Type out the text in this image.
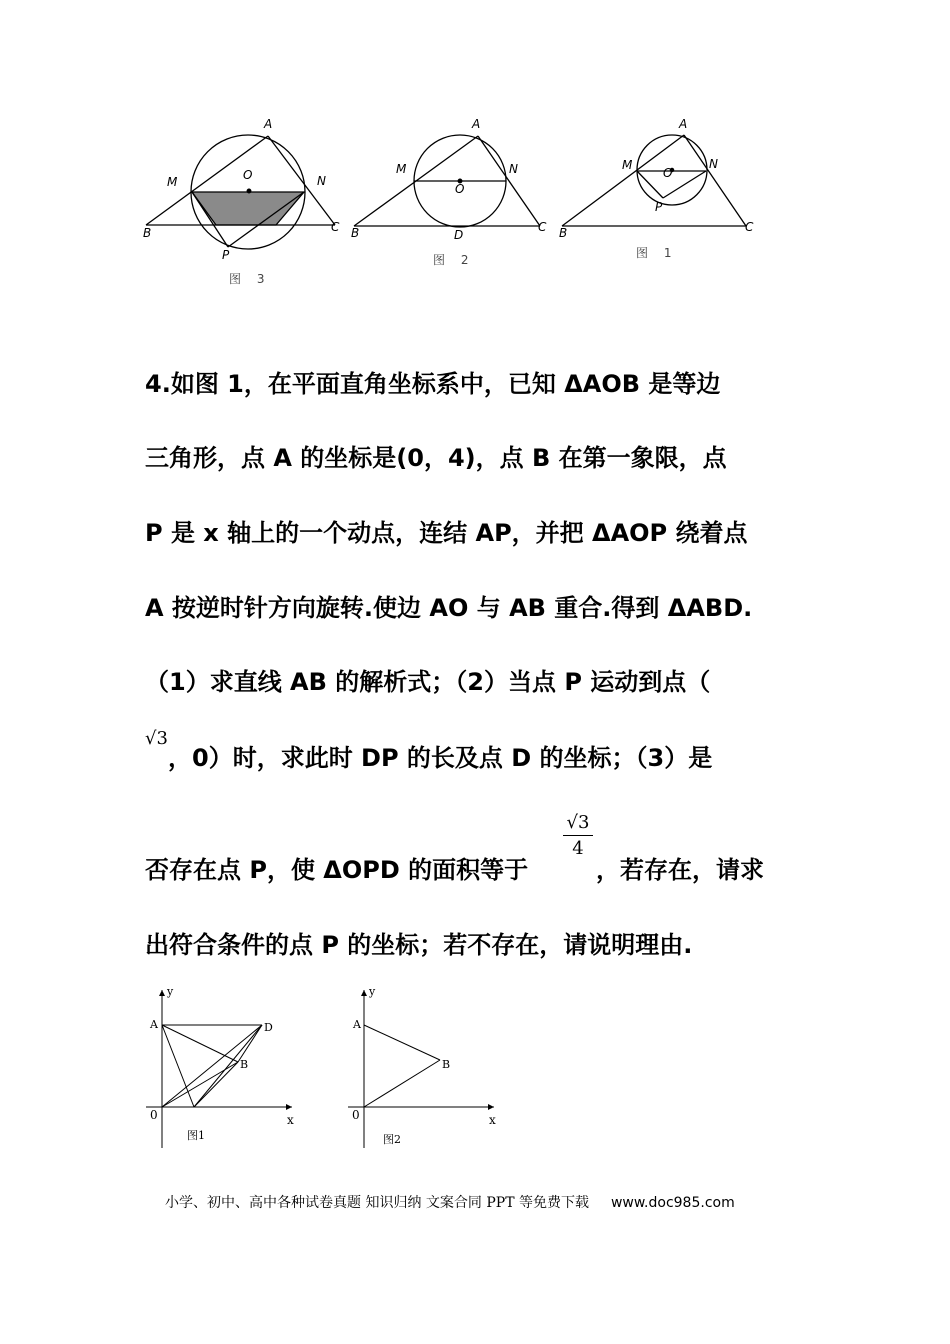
A
M	O	N
B	C
P
图 3
A
M
O
N
B	C
D
图 2
A
M
O
N
B	C
P
图 1
4.如图 1，在平面直角坐标系中，已知 ΔAOB 是等边
三角形，点 A 的坐标是(0，4)，点 B 在第一象限，点
P 是 x 轴上的一个动点，连结 AP，并把 ΔAOP 绕着点
A 按逆时针方向旋转.使边 AO 与 AB 重合.得到 ΔABD.
（1）求直线 AB 的解析式；（2）当点 P 运动到点（
√3
，0）时，求此时 DP 的长及点 D 的坐标；（3）是
否存在点 P，使 ΔOPD 的面积等于
√3
4
，若存在，请求
出符合条件的点 P 的坐标；若不存在，请说明理由.
y
x
A
B
D
0
图1
y
x
A
B
0
图2
小学、初中、高中各种试卷真题 知识归纳 文案合同 PPT 等免费下载 www.doc985.com
